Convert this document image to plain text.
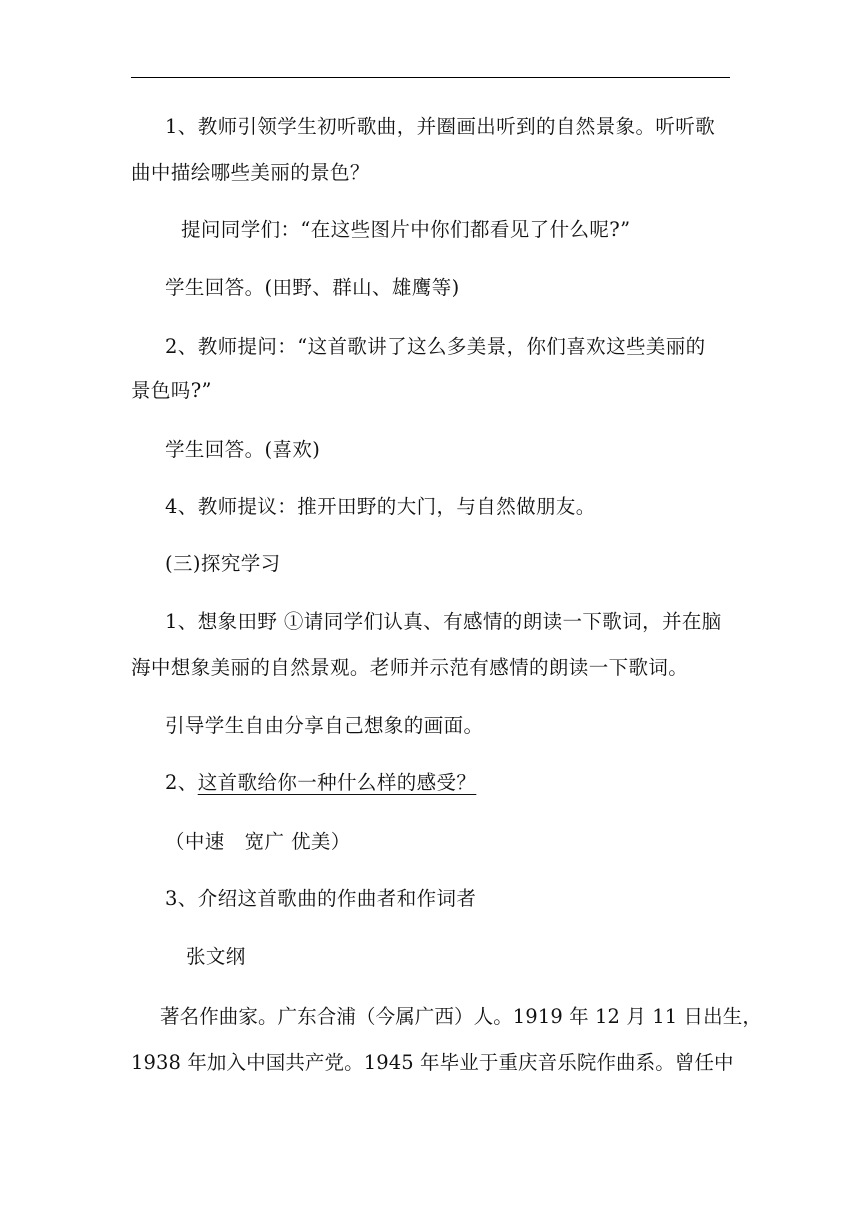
1、教师引领学生初听歌曲，并圈画出听到的自然景象。听听歌
曲中描绘哪些美丽的景色？
提问同学们：“在这些图片中你们都看见了什么呢?”
学生回答。(田野、群山、雄鹰等)
2、教师提问：“这首歌讲了这么多美景，你们喜欢这些美丽的
景色吗?”
学生回答。(喜欢)
4、教师提议：推开田野的大门，与自然做朋友。
(三)探究学习
1、想象田野 ①请同学们认真、有感情的朗读一下歌词，并在脑
海中想象美丽的自然景观。老师并示范有感情的朗读一下歌词。
引导学生自由分享自己想象的画面。
2、这首歌给你一种什么样的感受？
（中速　宽广 优美）
3、介绍这首歌曲的作曲者和作词者
张文纲
著名作曲家。广东合浦（今属广西）人。1919 年 12 月 11 日出生，
1938 年加入中国共产党。1945 年毕业于重庆音乐院作曲系。曾任中
